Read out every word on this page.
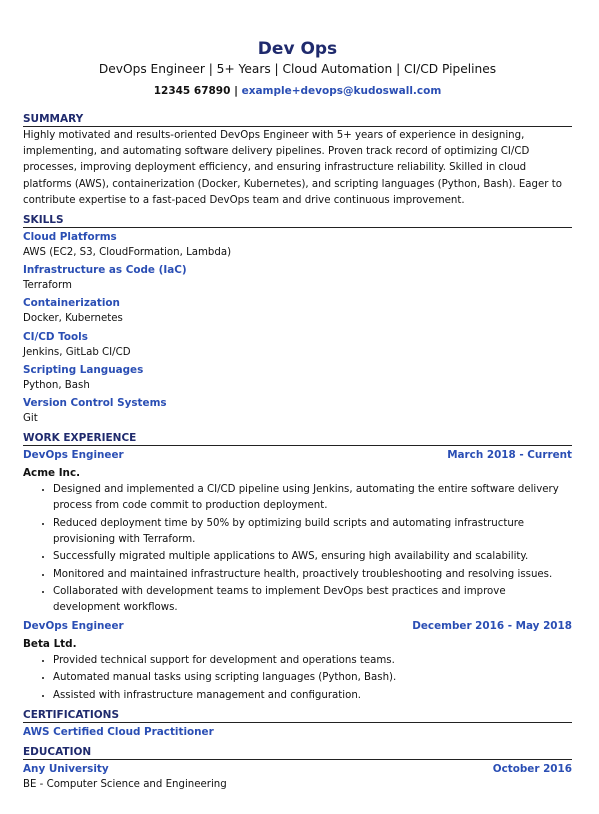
Dev Ops
DevOps Engineer | 5+ Years | Cloud Automation | CI/CD Pipelines
12345 67890 | example+devops@kudoswall.com
SUMMARY
Highly motivated and results-oriented DevOps Engineer with 5+ years of experience in designing, implementing, and automating software delivery pipelines. Proven track record of optimizing CI/CD processes, improving deployment efficiency, and ensuring infrastructure reliability. Skilled in cloud platforms (AWS), containerization (Docker, Kubernetes), and scripting languages (Python, Bash). Eager to contribute expertise to a fast-paced DevOps team and drive continuous improvement.
SKILLS
Cloud Platforms
AWS (EC2, S3, CloudFormation, Lambda)
Infrastructure as Code (IaC)
Terraform
Containerization
Docker, Kubernetes
CI/CD Tools
Jenkins, GitLab CI/CD
Scripting Languages
Python, Bash
Version Control Systems
Git
WORK EXPERIENCE
DevOps Engineer	March 2018 - Current
Acme Inc.
• Designed and implemented a CI/CD pipeline using Jenkins, automating the entire software delivery process from code commit to production deployment.
• Reduced deployment time by 50% by optimizing build scripts and automating infrastructure provisioning with Terraform.
• Successfully migrated multiple applications to AWS, ensuring high availability and scalability.
• Monitored and maintained infrastructure health, proactively troubleshooting and resolving issues.
• Collaborated with development teams to implement DevOps best practices and improve development workflows.
DevOps Engineer	December 2016 - May 2018
Beta Ltd.
• Provided technical support for development and operations teams.
• Automated manual tasks using scripting languages (Python, Bash).
• Assisted with infrastructure management and configuration.
CERTIFICATIONS
AWS Certified Cloud Practitioner
EDUCATION
Any University	October 2016
BE - Computer Science and Engineering
